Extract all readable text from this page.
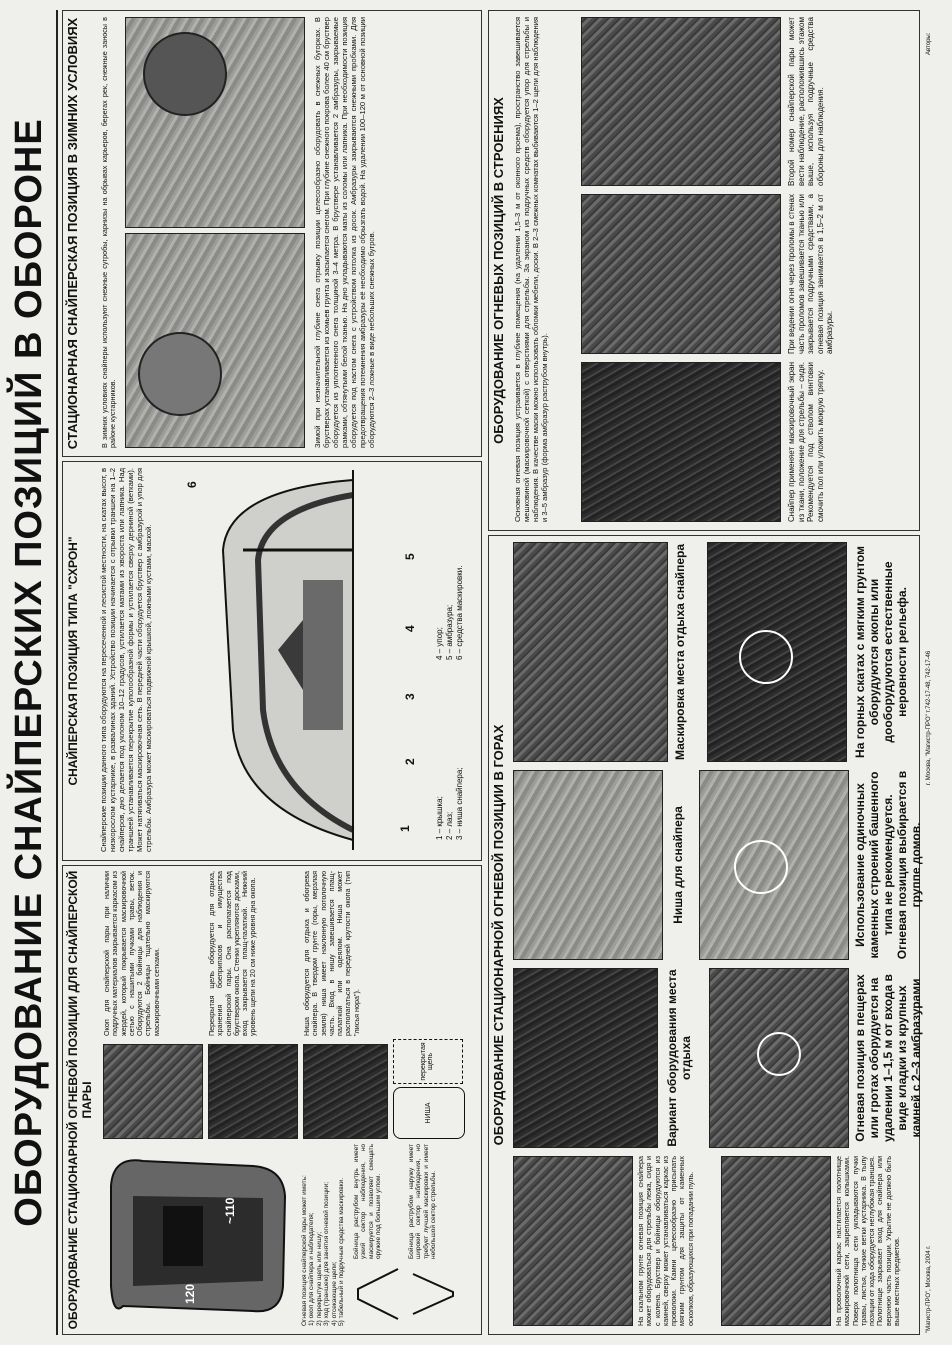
ОБОРУДОВАНИЕ СНАЙПЕРСКИХ ПОЗИЦИЙ В ОБОРОНЕ ОБОРУДОВАНИЕ СТАЦИОНАРНОЙ ОГНЕВОЙ ПОЗИЦИИ ДЛЯ СНАЙПЕРСКОЙ ПАРЫ
120
~110	Огневая позиция снайперской пары может иметь: 1) окоп для снайпера и наблюдателя; 2) перекрытую щель или нишу; 3) ход (траншею) для занятия огневой позиции; 4) отсекающие щели; 5) табельный и подручные средства маскировки. Бойница раструбом внутрь имеет узкий сектор наблюдения, но маскируется и позволяет смещать оружие под большим углом.	Бойница раструбом наружу имеет широкий сектор наблюдения, но требует лучшей маскировки и имеет небольшой сектор стрельбы.
НИША
перекрытая щель
Окоп для снайперской пары при наличии подручных материалов закрывается каркасом из жердей, который покрывается маскировочной сетью с нашитыми пучками травы, веток. Оборудуются 2 бойницы для наблюдения и стрельбы. Бойницы тщательно маскируются маскировочными сетками.	Перекрытая щель оборудуется для отдыха, хранения боеприпасов и имущества снайперской пары. Она располагается под бруствером окопа. Стенки укрепляются досками, вход закрывается плащ-палаткой. Нижний уровень щели на 20 см ниже уровня дна окопа.	Ниша оборудуется для отдыха и обогрева снайпера. В твердом грунте (горы, мерзлая земля) ниша имеет наклонную потолочную часть. Вход в нишу завешивается плащ-палаткой или одеялом. Ниша может располагаться в передней крутости окопа (тип "лисья нора").
СНАЙПЕРСКАЯ ПОЗИЦИЯ ТИПА "СХРОН"	Снайперские позиции данного типа оборудуются на пересеченной и лесистой местности, на скатах высот, в низкорослом кустарнике, в развалинах зданий. Устройство позиции начинается с отрывки траншеи на 1–2 снайперов, дно делается под уклоном 10–12 градусов, устилается матами из хвороста или лапника. Над траншеей устанавливается перекрытие куполообразной формы и устилается сверху дерниной (ветками). Может натягиваться маскировочная сеть. В передней части оборудуется бруствер с амбразурой и упор для стрельбы. Амбразура может маскироваться подвижной крышкой, ложными кустами, маской.	1
2
3
4
5
6
1 – крышка; 2 – лаз; 3 – ниша снайпера;
4 – упор; 5 – амбразура; 6 – средства маскировки.
СТАЦИОНАРНАЯ СНАЙПЕРСКАЯ ПОЗИЦИЯ В ЗИМНИХ УСЛОВИЯХ	В зимних условиях снайперы используют снежные сугробы, карнизы на обрывах карьеров, берегах рек, снежные заносы в районе кустарников.	Зимой при незначительной глубине снега отрывку позиции целесообразно оборудовать в снежных бугорках. В брустверах устанавливается из комьев грунта и засыпается снегом. При глубине снежного покрова более 40 см бруствер оборудуется из уплотненного снега толщиной 3–4 метра. В бруствере устанавливается 2 амбразуры, закрываемые рамками, обтянутыми белой тканью. На дно укладываются маты из соломы или лапника. При необходимости позиция оборудуется под настом снега с устройством потолка из досок. Амбразуры закрываются снежными пробками. Для предотвращения потемнения амбразуры её необходимо обрызгать водой. На удалении 100–120 м от основной позиции оборудуются 2–3 ложные в виде небольших снежных бугров.
ОБОРУДОВАНИЕ СТАЦИОНАРНОЙ ОГНЕВОЙ ПОЗИЦИИ В ГОРАХ
На скальном грунте огневая позиция снайпера может оборудоваться для стрельбы лежа, сидя и с колена. Бруствер и бойницы оборудуются из камней, сверху может устанавливаться каркас из проволоки. Камни целесообразно присыпать мягким грунтом для защиты от каменных осколков, образующихся при попадании пуль.	На проволочный каркас настилается полотнище маскировочной сети, закрепляется колышками. Поверх полотнища сети укладываются пучки травы, листья, тонкие ветки кустарника. В тылу позиции от хода оборудуется неглубокая траншея. Полотнище закрывает вход для снайпера или верхнюю часть позиции. Укрытие не должно быть выше местных предметов.
Вариант оборудования места отдыха	Огневая позиция в пещерах или гротах оборудуется на удалении 1–1,5 м от входа в виде кладки из крупных камней с 2–3 амбразурами
Ниша для снайпера	Использование одиночных каменных строений башенного типа не рекомендуется. Огневая позиция выбирается в группе домов.
Маскировка места отдыха снайпера	На горных скатах с мягким грунтом оборудуются окопы или дооборудуются естественные неровности рельефа.
ОБОРУДОВАНИЕ ОГНЕВЫХ ПОЗИЦИЙ В СТРОЕНИЯХ Основная огневая позиция устраивается в глубине помещения (на удалении 1,5–3 м от оконного проема), пространство завешивается мешковиной (маскировочной сеткой) с отверстиями для стрельбы. За экраном из подручных средств оборудуется упор для стрельбы и наблюдения. В качестве маски можно использовать обломки мебели, доски. В 2–3 смежных комнатах выбиваются 1–2 щели для наблюдения и 3–5 амбразур (форма амбразур раструбом внутрь).	Снайпер применяет маскировочный экран из ткани, положение для стрельбы – сидя. Рекомендуется под стволом винтовки смочить пол или уложить мокрую тряпку.
При ведении огня через проломы в стенах часть проломов завешивается тканью или закрывается подручными средствами, а огневая позиция занимается в 1,5–2 м от амбразуры.
Второй номер снайперской пары может вести наблюдение, расположившись этажом выше, используя подручные средства обороны для наблюдения.
"Магистр-ПРО", Москва, 2004 г.
г. Москва, "Магистр-ПРО" т.742-17-48, 742-17-46
Авторы:
